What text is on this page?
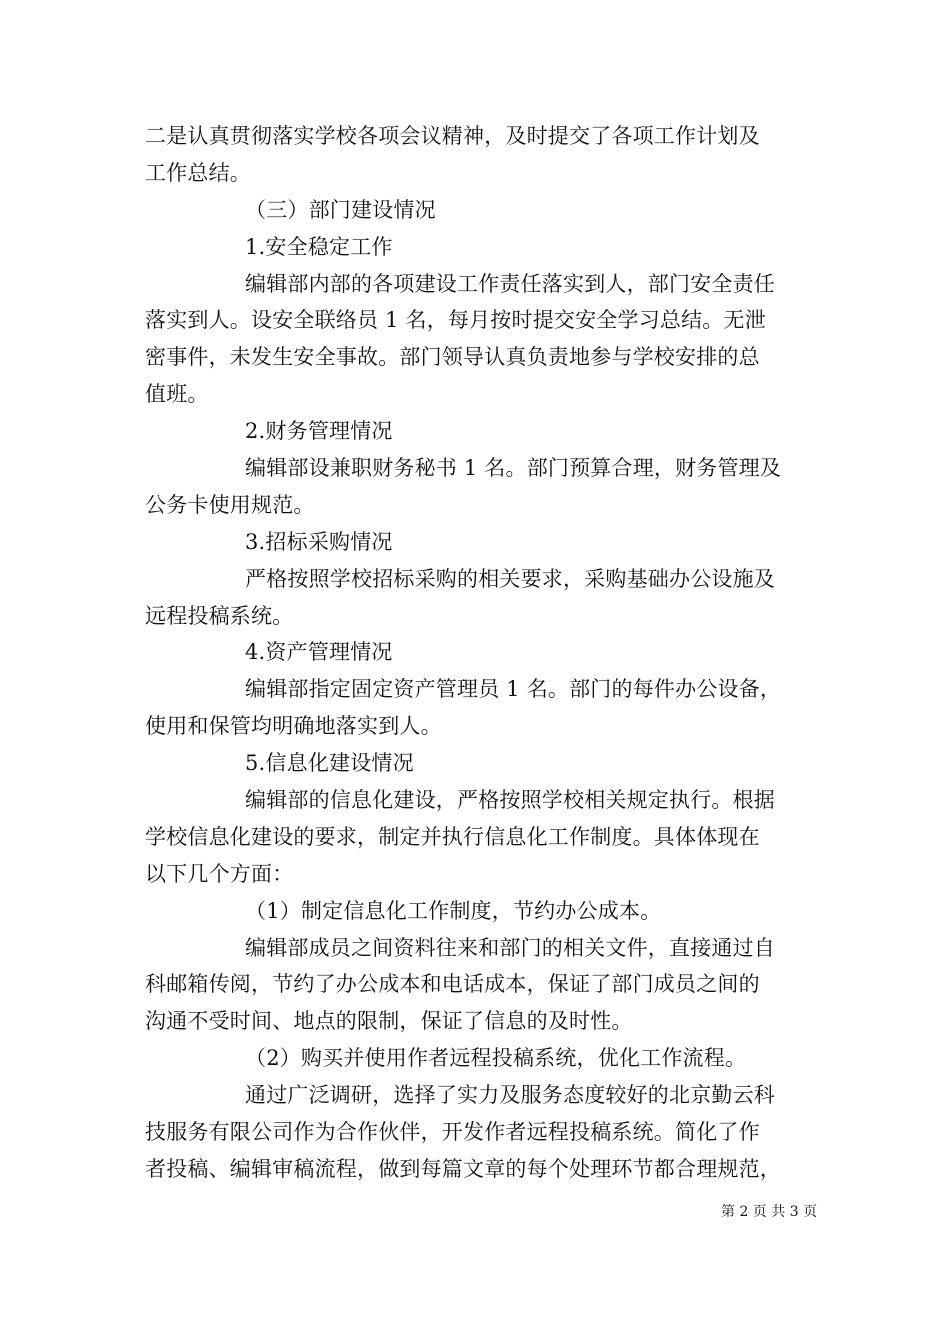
二是认真贯彻落实学校各项会议精神，及时提交了各项工作计划及
工作总结。
（三）部门建设情况
1.安全稳定工作
编辑部内部的各项建设工作责任落实到人，部门安全责任
落实到人。设安全联络员 1 名，每月按时提交安全学习总结。无泄
密事件，未发生安全事故。部门领导认真负责地参与学校安排的总
值班。
2.财务管理情况
编辑部设兼职财务秘书 1 名。部门预算合理，财务管理及
公务卡使用规范。
3.招标采购情况
严格按照学校招标采购的相关要求，采购基础办公设施及
远程投稿系统。
4.资产管理情况
编辑部指定固定资产管理员 1 名。部门的每件办公设备，
使用和保管均明确地落实到人。
5.信息化建设情况
编辑部的信息化建设，严格按照学校相关规定执行。根据
学校信息化建设的要求，制定并执行信息化工作制度。具体体现在
以下几个方面：
（1）制定信息化工作制度，节约办公成本。
编辑部成员之间资料往来和部门的相关文件，直接通过自
科邮箱传阅，节约了办公成本和电话成本，保证了部门成员之间的
沟通不受时间、地点的限制，保证了信息的及时性。
（2）购买并使用作者远程投稿系统，优化工作流程。
通过广泛调研，选择了实力及服务态度较好的北京勤云科
技服务有限公司作为合作伙伴，开发作者远程投稿系统。简化了作
者投稿、编辑审稿流程，做到每篇文章的每个处理环节都合理规范，
第 2 页 共 3 页
